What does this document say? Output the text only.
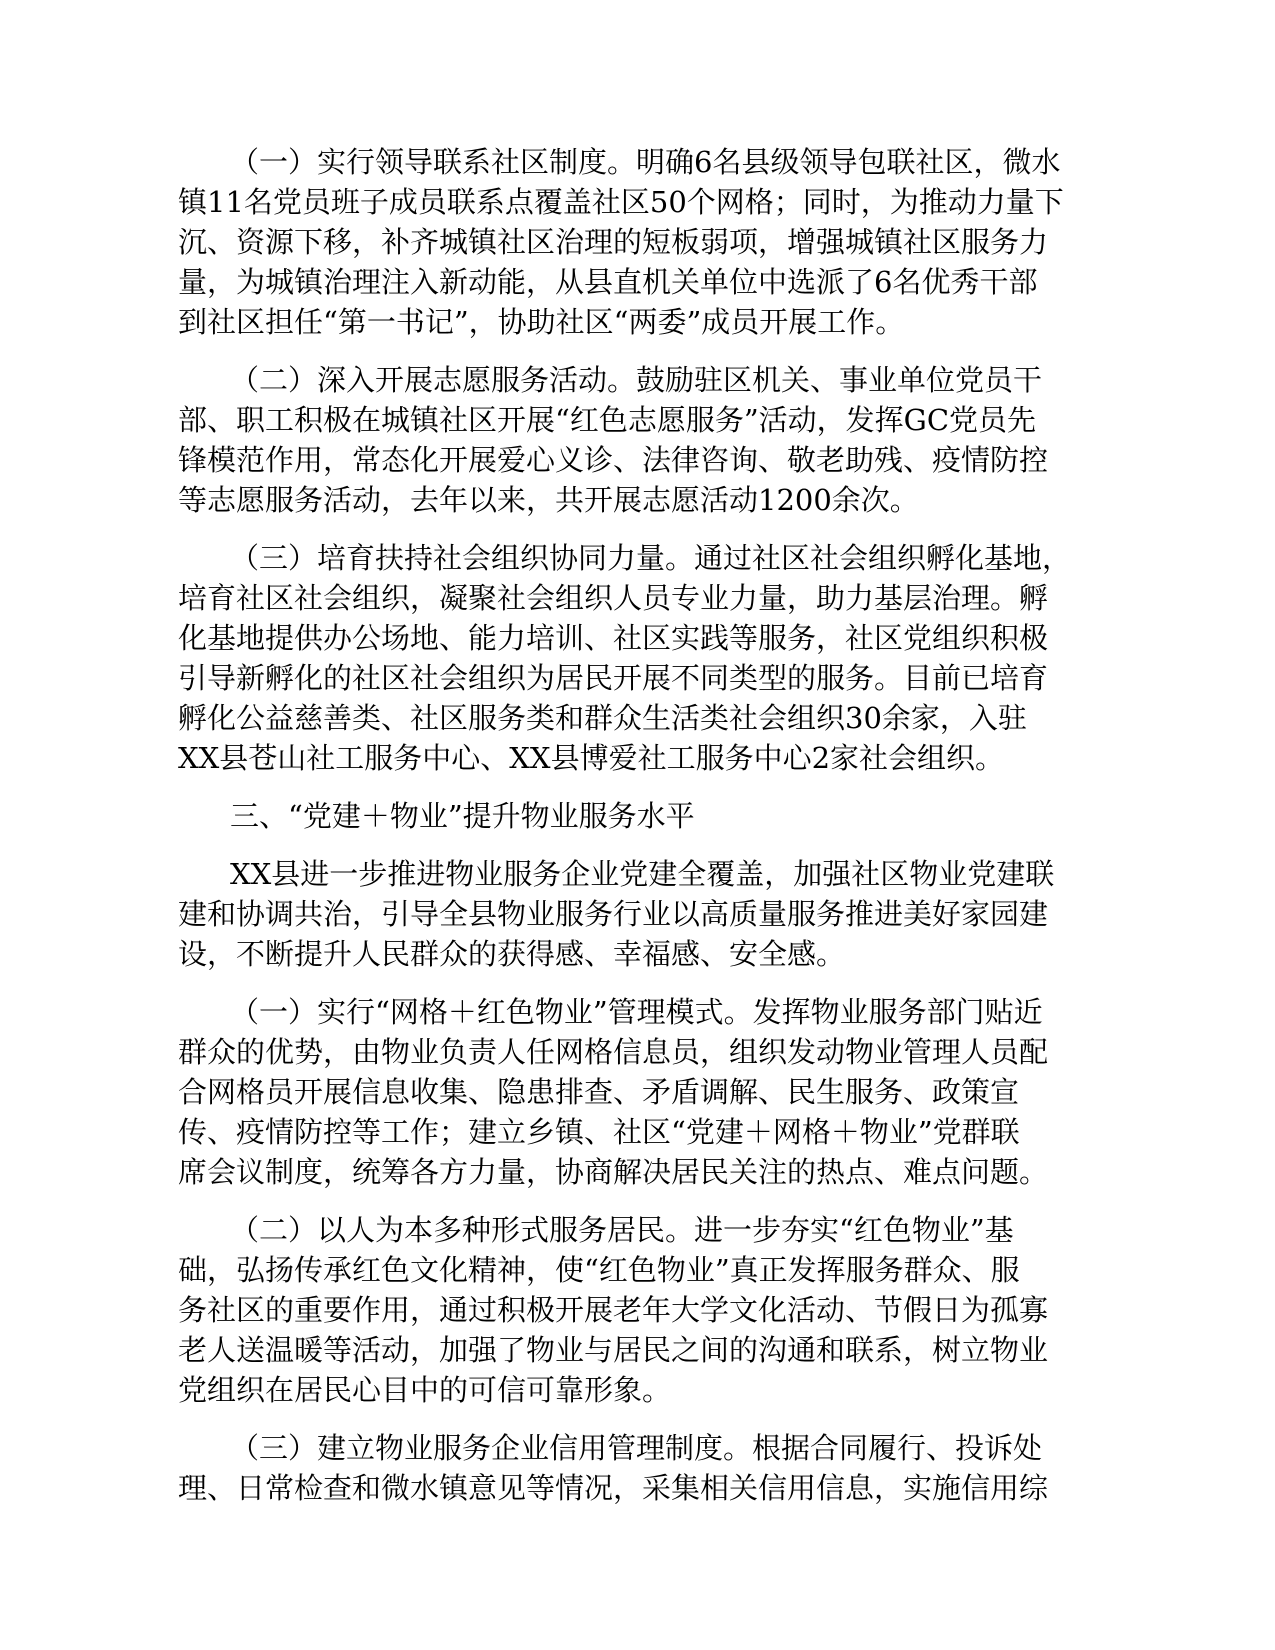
（一）实行领导联系社区制度。明确6名县级领导包联社区，微水
镇11名党员班子成员联系点覆盖社区50个网格；同时，为推动力量下
沉、资源下移，补齐城镇社区治理的短板弱项，增强城镇社区服务力
量，为城镇治理注入新动能，从县直机关单位中选派了6名优秀干部
到社区担任“第一书记”，协助社区“两委”成员开展工作。

（二）深入开展志愿服务活动。鼓励驻区机关、事业单位党员干
部、职工积极在城镇社区开展“红色志愿服务”活动，发挥GC党员先
锋模范作用，常态化开展爱心义诊、法律咨询、敬老助残、疫情防控
等志愿服务活动，去年以来，共开展志愿活动1200余次。

（三）培育扶持社会组织协同力量。通过社区社会组织孵化基地，
培育社区社会组织，凝聚社会组织人员专业力量，助力基层治理。孵
化基地提供办公场地、能力培训、社区实践等服务，社区党组织积极
引导新孵化的社区社会组织为居民开展不同类型的服务。目前已培育
孵化公益慈善类、社区服务类和群众生活类社会组织30余家，入驻
XX县苍山社工服务中心、XX县博爱社工服务中心2家社会组织。

三、“党建＋物业”提升物业服务水平

XX县进一步推进物业服务企业党建全覆盖，加强社区物业党建联
建和协调共治，引导全县物业服务行业以高质量服务推进美好家园建
设，不断提升人民群众的获得感、幸福感、安全感。

（一）实行“网格＋红色物业”管理模式。发挥物业服务部门贴近
群众的优势，由物业负责人任网格信息员，组织发动物业管理人员配
合网格员开展信息收集、隐患排查、矛盾调解、民生服务、政策宣
传、疫情防控等工作；建立乡镇、社区“党建＋网格＋物业”党群联
席会议制度，统筹各方力量，协商解决居民关注的热点、难点问题。

（二）以人为本多种形式服务居民。进一步夯实“红色物业”基
础，弘扬传承红色文化精神，使“红色物业”真正发挥服务群众、服
务社区的重要作用，通过积极开展老年大学文化活动、节假日为孤寡
老人送温暖等活动，加强了物业与居民之间的沟通和联系，树立物业
党组织在居民心目中的可信可靠形象。

（三）建立物业服务企业信用管理制度。根据合同履行、投诉处
理、日常检查和微水镇意见等情况，采集相关信用信息，实施信用综
